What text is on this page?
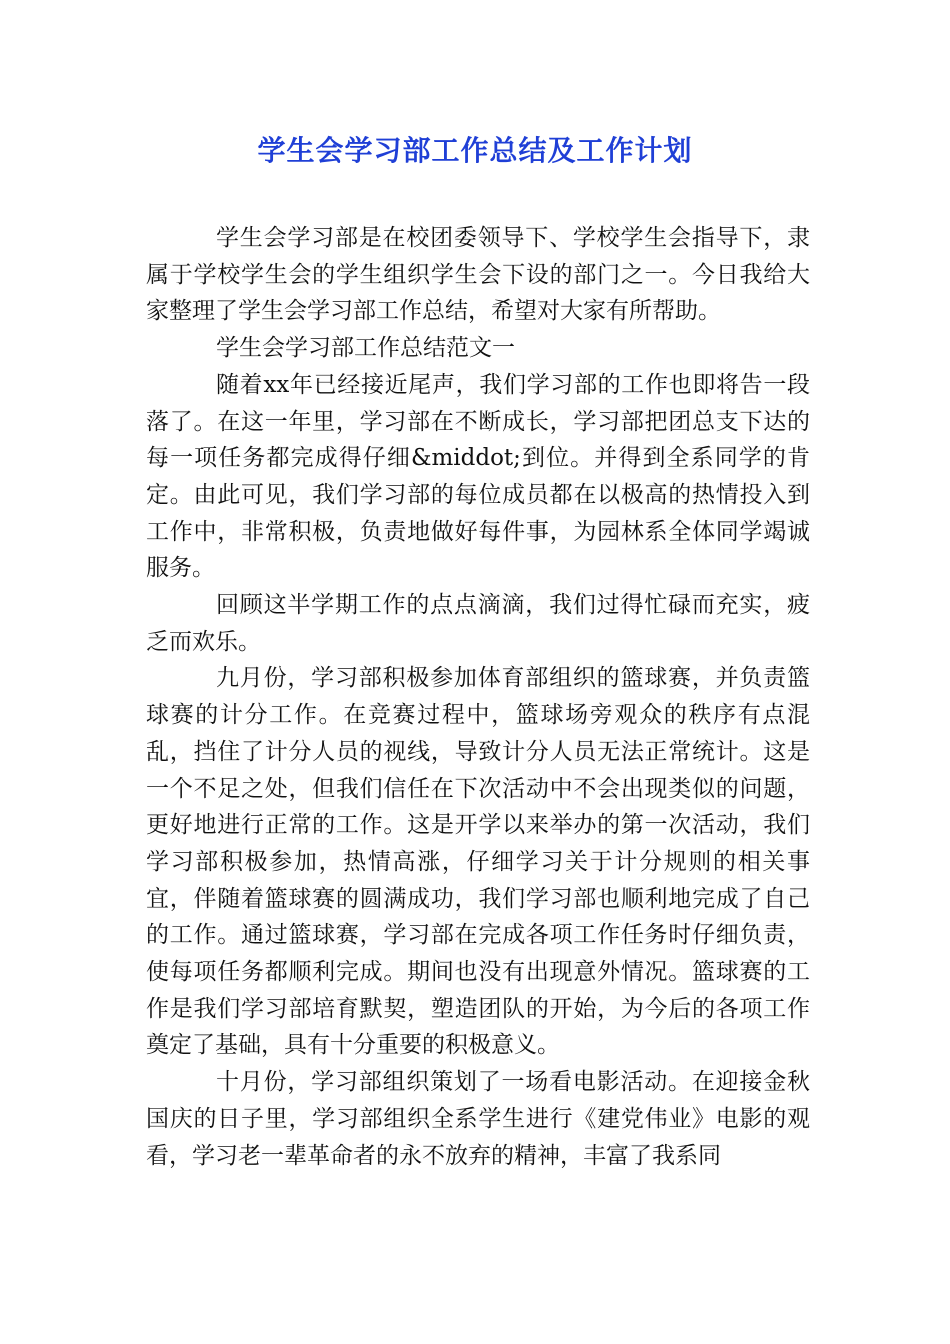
学生会学习部工作总结及工作计划

学生会学习部是在校团委领导下、学校学生会指导下，隶属于学校学生会的学生组织学生会下设的部门之一。今日我给大家整理了学生会学习部工作总结，希望对大家有所帮助。

学生会学习部工作总结范文一

随着xx年已经接近尾声，我们学习部的工作也即将告一段落了。在这一年里，学习部在不断成长，学习部把团总支下达的每一项任务都完成得仔细&middot;到位。并得到全系同学的肯定。由此可见，我们学习部的每位成员都在以极高的热情投入到工作中，非常积极，负责地做好每件事，为园林系全体同学竭诚服务。

回顾这半学期工作的点点滴滴，我们过得忙碌而充实，疲乏而欢乐。

九月份，学习部积极参加体育部组织的篮球赛，并负责篮球赛的计分工作。在竞赛过程中，篮球场旁观众的秩序有点混乱，挡住了计分人员的视线，导致计分人员无法正常统计。这是一个不足之处，但我们信任在下次活动中不会出现类似的问题，更好地进行正常的工作。这是开学以来举办的第一次活动，我们学习部积极参加，热情高涨，仔细学习关于计分规则的相关事宜，伴随着篮球赛的圆满成功，我们学习部也顺利地完成了自己的工作。通过篮球赛，学习部在完成各项工作任务时仔细负责，使每项任务都顺利完成。期间也没有出现意外情况。篮球赛的工作是我们学习部培育默契，塑造团队的开始，为今后的各项工作奠定了基础，具有十分重要的积极意义。

十月份，学习部组织策划了一场看电影活动。在迎接金秋国庆的日子里，学习部组织全系学生进行《建党伟业》电影的观看，学习老一辈革命者的永不放弃的精神，丰富了我系同
